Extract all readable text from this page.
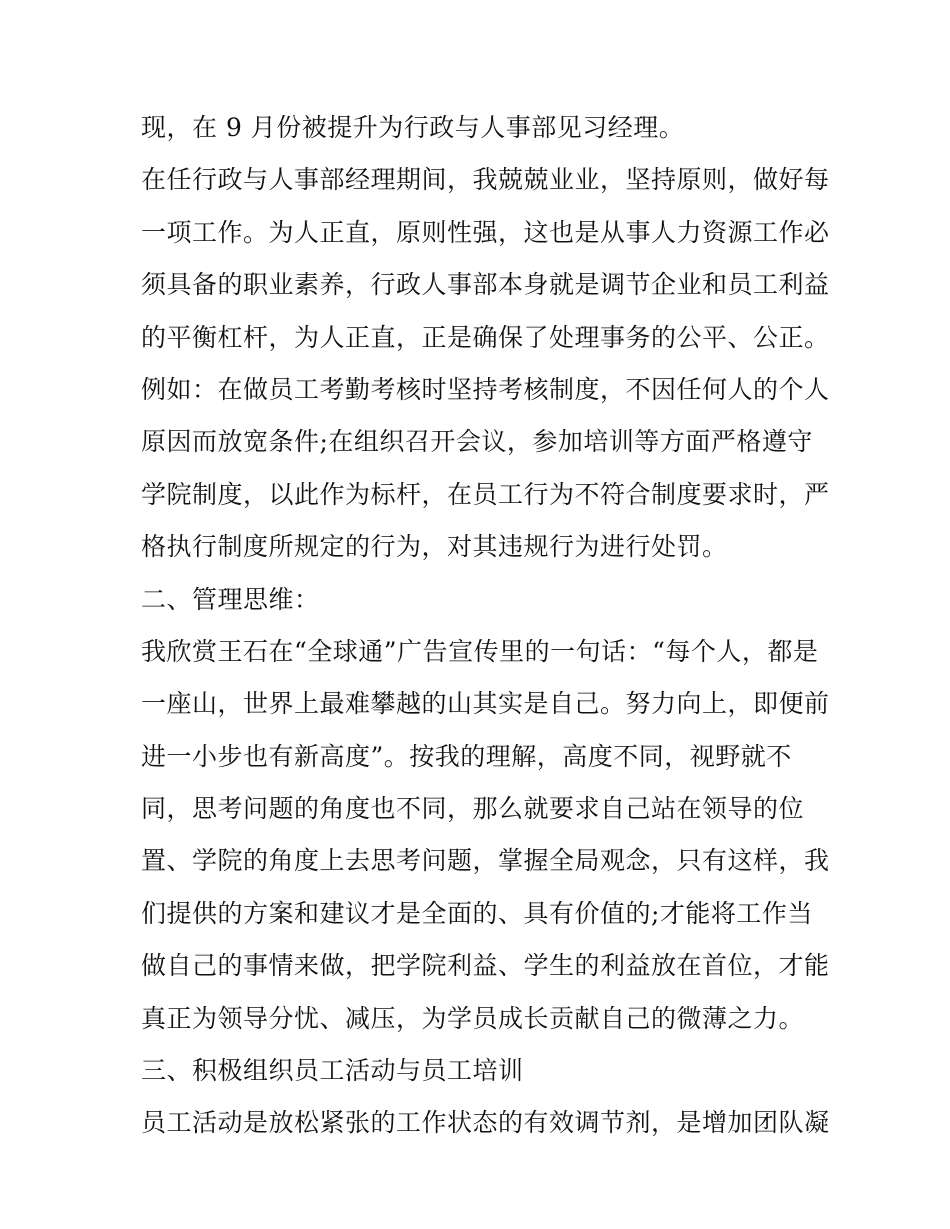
现，在 9 月份被提升为行政与人事部见习经理。
在任行政与人事部经理期间，我兢兢业业，坚持原则，做好每
一项工作。为人正直，原则性强，这也是从事人力资源工作必
须具备的职业素养，行政人事部本身就是调节企业和员工利益
的平衡杠杆，为人正直，正是确保了处理事务的公平、公正。
例如：在做员工考勤考核时坚持考核制度，不因任何人的个人
原因而放宽条件;在组织召开会议，参加培训等方面严格遵守
学院制度，以此作为标杆，在员工行为不符合制度要求时，严
格执行制度所规定的行为，对其违规行为进行处罚。
二、管理思维：
我欣赏王石在“全球通”广告宣传里的一句话：“每个人，都是
一座山，世界上最难攀越的山其实是自己。努力向上，即便前
进一小步也有新高度”。按我的理解，高度不同，视野就不
同，思考问题的角度也不同，那么就要求自己站在领导的位
置、学院的角度上去思考问题，掌握全局观念，只有这样，我
们提供的方案和建议才是全面的、具有价值的;才能将工作当
做自己的事情来做，把学院利益、学生的利益放在首位，才能
真正为领导分忧、减压，为学员成长贡献自己的微薄之力。
三、积极组织员工活动与员工培训
员工活动是放松紧张的工作状态的有效调节剂，是增加团队凝
